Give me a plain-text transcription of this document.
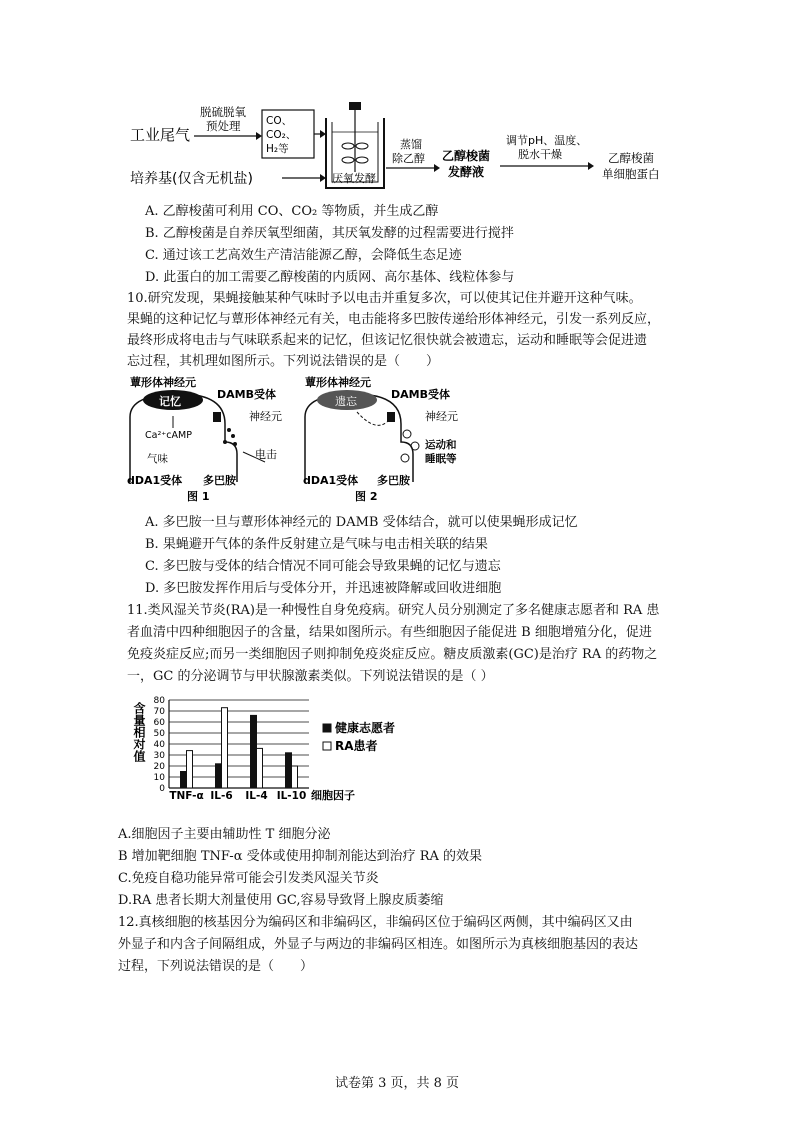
工业尾气
培养基(仅含无机盐)
脱硫脱氧
预处理 CO、
CO₂、
H₂等
厌氧发酵
蒸馏
除乙醇 乙醇梭菌
发酵液
调节pH、温度、
脱水干燥	乙醇梭菌
单细胞蛋白
A. 乙醇梭菌可利用 CO、CO₂ 等物质，并生成乙醇
B. 乙醇梭菌是自养厌氧型细菌，其厌氧发酵的过程需要进行搅拌
C. 通过该工艺高效生产清洁能源乙醇，会降低生态足迹
D. 此蛋白的加工需要乙醇梭菌的内质网、高尔基体、线粒体参与
10.研究发现，果蝇接触某种气味时予以电击并重复多次，可以使其记住并避开这种气味。
果蝇的这种记忆与蕈形体神经元有关，电击能将多巴胺传递给形体神经元，引发一系列反应，
最终形成将电击与气味联系起来的记忆，但该记忆很快就会被遗忘，运动和睡眠等会促进遗
忘过程，其机理如图所示。下列说法错误的是（　　）
蕈形体神经元
记忆
Ca²⁺cAMP
气味
DAMB受体
神经元
电击
dDA1受体 多巴胺
图 1
蕈形体神经元
遗忘
DAMB受体
神经元
运动和
睡眠等
dDA1受体 多巴胺
图 2
A. 多巴胺一旦与蕈形体神经元的 DAMB 受体结合，就可以使果蝇形成记忆
B. 果蝇避开气体的条件反射建立是气味与电击相关联的结果
C. 多巴胺与受体的结合情况不同可能会导致果蝇的记忆与遗忘
D. 多巴胺发挥作用后与受体分开，并迅速被降解或回收进细胞
11.类风湿关节炎(RA)是一种慢性自身免疫病。研究人员分别测定了多名健康志愿者和 RA 患
者血清中四种细胞因子的含量，结果如图所示。有些细胞因子能促进 B 细胞增殖分化，促进
免疫炎症反应;而另一类细胞因子则抑制免疫炎症反应。糖皮质激素(GC)是治疗 RA 的药物之
一，GC 的分泌调节与甲状腺激素类似。下列说法错误的是（ ）
0
10
20
30
40
50
60
70
80
含量相对值
TNF-α IL-6 IL-4 IL-10 细胞因子
健康志愿者
RA患者
A.细胞因子主要由辅助性 T 细胞分泌
B 增加靶细胞 TNF-α 受体或使用抑制剂能达到治疗 RA 的效果
C.免疫自稳功能异常可能会引发类风湿关节炎
D.RA 患者长期大剂量使用 GC,容易导致肾上腺皮质萎缩
12.真核细胞的核基因分为编码区和非编码区，非编码区位于编码区两侧，其中编码区又由
外显子和内含子间隔组成，外显子与两边的非编码区相连。如图所示为真核细胞基因的表达
过程，下列说法错误的是（　　）
试卷第 3 页，共 8 页
